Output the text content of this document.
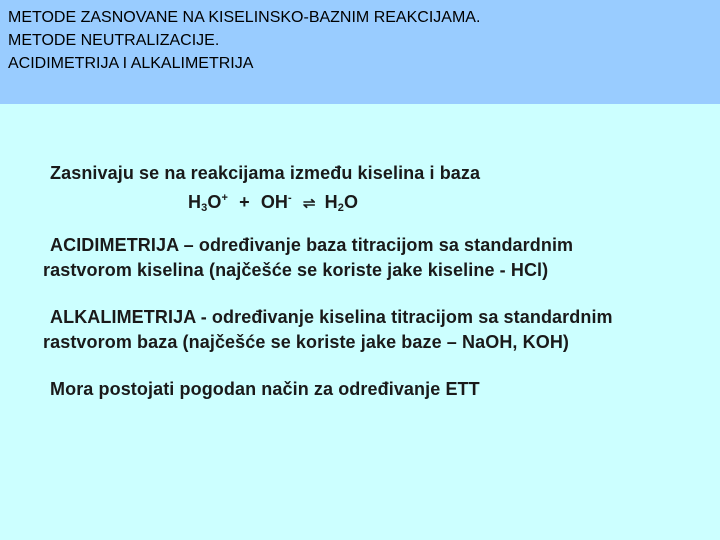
METODE ZASNOVANE NA KISELINSKO-BAZNIM REAKCIJAMA.
METODE NEUTRALIZACIJE.
ACIDIMETRIJA I ALKALIMETRIJA
Zasnivaju se na reakcijama između kiselina i baza
$H_3O^+ + OH^-$ ⇌ $H_2O$
ACIDIMETRIJA – određivanje baza titracijom sa standardnim
rastvorom kiselina (najčešće se koriste jake kiseline - HCl)
ALKALIMETRIJA - određivanje kiselina titracijom sa standardnim
rastvorom baza (najčešće se koriste jake baze – NaOH, KOH)
Mora postojati pogodan način za određivanje ETT
